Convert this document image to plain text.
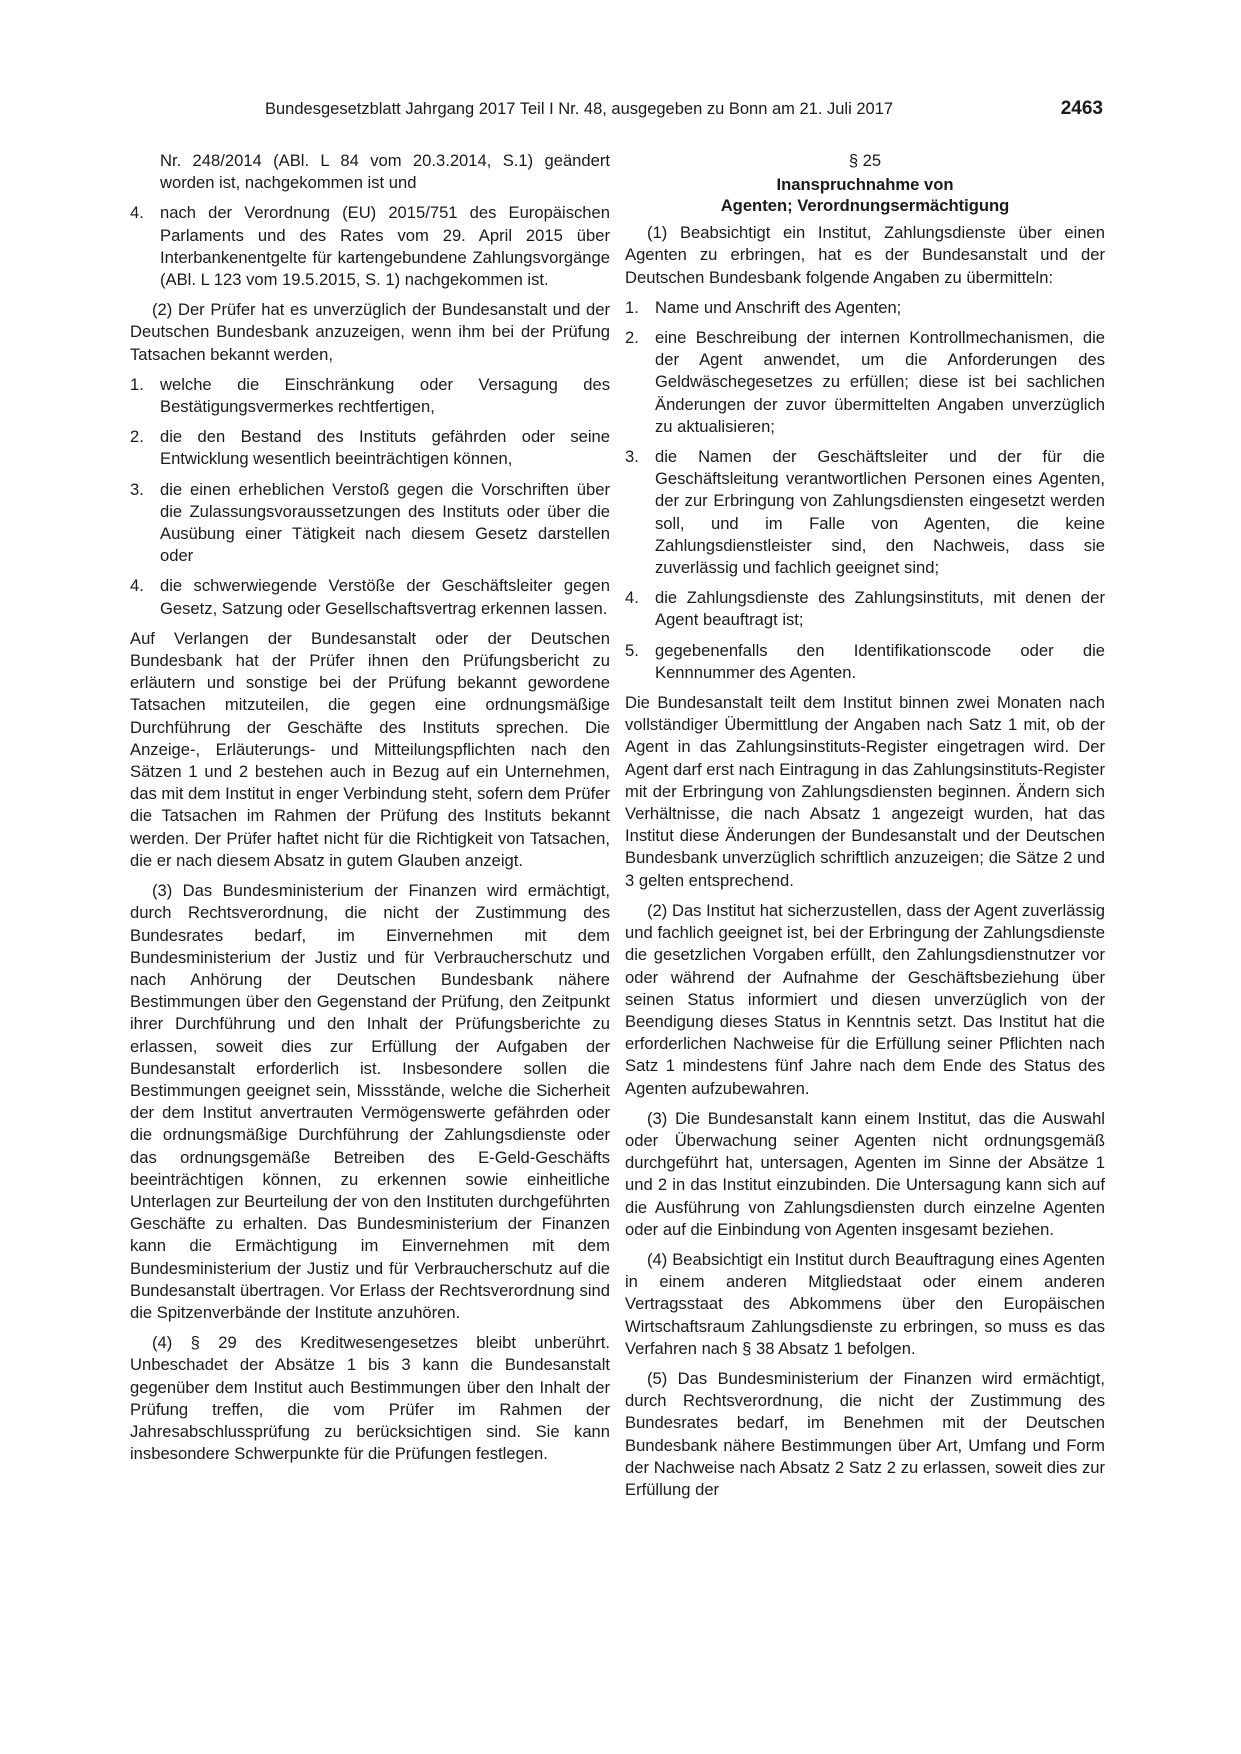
Bundesgesetzblatt Jahrgang 2017 Teil I Nr. 48, ausgegeben zu Bonn am 21. Juli 2017	2463

Nr. 248/2014 (ABl. L 84 vom 20.3.2014, S.1) geändert worden ist, nachgekommen ist und

4. nach der Verordnung (EU) 2015/751 des Europäischen Parlaments und des Rates vom 29. April 2015 über Interbankenentgelte für kartengebundene Zahlungsvorgänge (ABl. L 123 vom 19.5.2015, S. 1) nachgekommen ist.

(2) Der Prüfer hat es unverzüglich der Bundesanstalt und der Deutschen Bundesbank anzuzeigen, wenn ihm bei der Prüfung Tatsachen bekannt werden,

1. welche die Einschränkung oder Versagung des Bestätigungsvermerkes rechtfertigen,
2. die den Bestand des Instituts gefährden oder seine Entwicklung wesentlich beeinträchtigen können,
3. die einen erheblichen Verstoß gegen die Vorschriften über die Zulassungsvoraussetzungen des Instituts oder über die Ausübung einer Tätigkeit nach diesem Gesetz darstellen oder
4. die schwerwiegende Verstöße der Geschäftsleiter gegen Gesetz, Satzung oder Gesellschaftsvertrag erkennen lassen.

Auf Verlangen der Bundesanstalt oder der Deutschen Bundesbank hat der Prüfer ihnen den Prüfungsbericht zu erläutern und sonstige bei der Prüfung bekannt gewordene Tatsachen mitzuteilen, die gegen eine ordnungsmäßige Durchführung der Geschäfte des Instituts sprechen. Die Anzeige-, Erläuterungs- und Mitteilungspflichten nach den Sätzen 1 und 2 bestehen auch in Bezug auf ein Unternehmen, das mit dem Institut in enger Verbindung steht, sofern dem Prüfer die Tatsachen im Rahmen der Prüfung des Instituts bekannt werden. Der Prüfer haftet nicht für die Richtigkeit von Tatsachen, die er nach diesem Absatz in gutem Glauben anzeigt.

(3) Das Bundesministerium der Finanzen wird ermächtigt, durch Rechtsverordnung, die nicht der Zustimmung des Bundesrates bedarf, im Einvernehmen mit dem Bundesministerium der Justiz und für Verbraucherschutz und nach Anhörung der Deutschen Bundesbank nähere Bestimmungen über den Gegenstand der Prüfung, den Zeitpunkt ihrer Durchführung und den Inhalt der Prüfungsberichte zu erlassen, soweit dies zur Erfüllung der Aufgaben der Bundesanstalt erforderlich ist. Insbesondere sollen die Bestimmungen geeignet sein, Missstände, welche die Sicherheit der dem Institut anvertrauten Vermögenswerte gefährden oder die ordnungsmäßige Durchführung der Zahlungsdienste oder das ordnungsgemäße Betreiben des E-Geld-Geschäfts beeinträchtigen können, zu erkennen sowie einheitliche Unterlagen zur Beurteilung der von den Instituten durchgeführten Geschäfte zu erhalten. Das Bundesministerium der Finanzen kann die Ermächtigung im Einvernehmen mit dem Bundesministerium der Justiz und für Verbraucherschutz auf die Bundesanstalt übertragen. Vor Erlass der Rechtsverordnung sind die Spitzenverbände der Institute anzuhören.

(4) § 29 des Kreditwesengesetzes bleibt unberührt. Unbeschadet der Absätze 1 bis 3 kann die Bundesanstalt gegenüber dem Institut auch Bestimmungen über den Inhalt der Prüfung treffen, die vom Prüfer im Rahmen der Jahresabschlussprüfung zu berücksichtigen sind. Sie kann insbesondere Schwerpunkte für die Prüfungen festlegen.

§ 25
Inanspruchnahme von
Agenten; Verordnungsermächtigung

(1) Beabsichtigt ein Institut, Zahlungsdienste über einen Agenten zu erbringen, hat es der Bundesanstalt und der Deutschen Bundesbank folgende Angaben zu übermitteln:

1. Name und Anschrift des Agenten;
2. eine Beschreibung der internen Kontrollmechanismen, die der Agent anwendet, um die Anforderungen des Geldwäschegesetzes zu erfüllen; diese ist bei sachlichen Änderungen der zuvor übermittelten Angaben unverzüglich zu aktualisieren;
3. die Namen der Geschäftsleiter und der für die Geschäftsleitung verantwortlichen Personen eines Agenten, der zur Erbringung von Zahlungsdiensten eingesetzt werden soll, und im Falle von Agenten, die keine Zahlungsdienstleister sind, den Nachweis, dass sie zuverlässig und fachlich geeignet sind;
4. die Zahlungsdienste des Zahlungsinstituts, mit denen der Agent beauftragt ist;
5. gegebenenfalls den Identifikationscode oder die Kennnummer des Agenten.

Die Bundesanstalt teilt dem Institut binnen zwei Monaten nach vollständiger Übermittlung der Angaben nach Satz 1 mit, ob der Agent in das Zahlungsinstituts-Register eingetragen wird. Der Agent darf erst nach Eintragung in das Zahlungsinstituts-Register mit der Erbringung von Zahlungsdiensten beginnen. Ändern sich Verhältnisse, die nach Absatz 1 angezeigt wurden, hat das Institut diese Änderungen der Bundesanstalt und der Deutschen Bundesbank unverzüglich schriftlich anzuzeigen; die Sätze 2 und 3 gelten entsprechend.

(2) Das Institut hat sicherzustellen, dass der Agent zuverlässig und fachlich geeignet ist, bei der Erbringung der Zahlungsdienste die gesetzlichen Vorgaben erfüllt, den Zahlungsdienstnutzer vor oder während der Aufnahme der Geschäftsbeziehung über seinen Status informiert und diesen unverzüglich von der Beendigung dieses Status in Kenntnis setzt. Das Institut hat die erforderlichen Nachweise für die Erfüllung seiner Pflichten nach Satz 1 mindestens fünf Jahre nach dem Ende des Status des Agenten aufzubewahren.

(3) Die Bundesanstalt kann einem Institut, das die Auswahl oder Überwachung seiner Agenten nicht ordnungsgemäß durchgeführt hat, untersagen, Agenten im Sinne der Absätze 1 und 2 in das Institut einzubinden. Die Untersagung kann sich auf die Ausführung von Zahlungsdiensten durch einzelne Agenten oder auf die Einbindung von Agenten insgesamt beziehen.

(4) Beabsichtigt ein Institut durch Beauftragung eines Agenten in einem anderen Mitgliedstaat oder einem anderen Vertragsstaat des Abkommens über den Europäischen Wirtschaftsraum Zahlungsdienste zu erbringen, so muss es das Verfahren nach § 38 Absatz 1 befolgen.

(5) Das Bundesministerium der Finanzen wird ermächtigt, durch Rechtsverordnung, die nicht der Zustimmung des Bundesrates bedarf, im Benehmen mit der Deutschen Bundesbank nähere Bestimmungen über Art, Umfang und Form der Nachweise nach Absatz 2 Satz 2 zu erlassen, soweit dies zur Erfüllung der
